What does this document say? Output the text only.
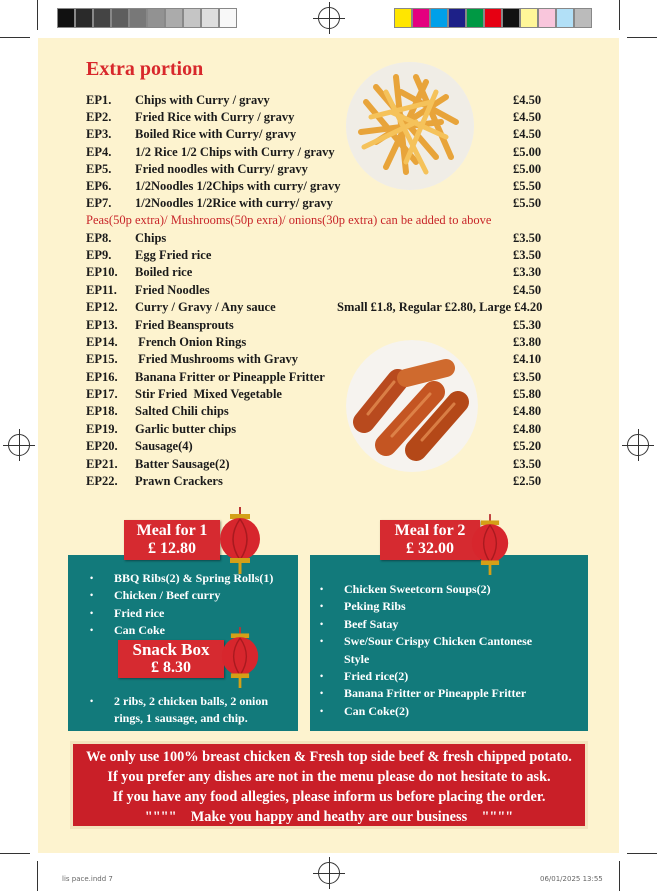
Extra portion
EP1. Chips with Curry / gravy	£4.50
EP2. Fried Rice with Curry / gravy	£4.50
EP3. Boiled Rice with Curry/ gravy	£4.50
EP4. 1/2 Rice 1/2 Chips with Curry / gravy	£5.00
EP5. Fried noodles with Curry/ gravy	£5.00
EP6. 1/2Noodles 1/2Chips with curry/ gravy	£5.50
EP7. 1/2Noodles 1/2Rice with curry/ gravy	£5.50
Peas(50p extra)/ Mushrooms(50p exra)/ onions(30p extra) can be added to above
EP8. Chips	£3.50
EP9. Egg Fried rice	£3.50
EP10. Boiled rice	£3.30
EP11. Fried Noodles	£4.50
EP12. Curry / Gravy / Any sauce	Small £1.8, Regular £2.80, Large £4.20
EP13. Fried Beansprouts	£5.30
EP14. French Onion Rings	£3.80
EP15. Fried Mushrooms with Gravy	£4.10
EP16. Banana Fritter or Pineapple Fritter	£3.50
EP17. Stir Fried  Mixed Vegetable	£5.80
EP18. Salted Chili chips	£4.80
EP19. Garlic butter chips	£4.80
EP20. Sausage(4)	£5.20
EP21. Batter Sausage(2)	£3.50
EP22. Prawn Crackers	£2.50
• BBQ Ribs(2) & Spring Rolls(1)
• Chicken / Beef curry
• Fried rice
• Can Coke
• 2 ribs, 2 chicken balls, 2 onion
rings, 1 sausage, and chip.
• Chicken Sweetcorn Soups(2)
• Peking Ribs
• Beef Satay
• Swe/Sour Crispy Chicken Cantonese
Style
• Fried rice(2)
• Banana Fritter or Pineapple Fritter
• Can Coke(2)
Meal for 1
£ 12.80
Meal for 2
£ 32.00
Snack Box
£ 8.30
We only use 100% breast chicken & Fresh top side beef & fresh chipped potato.
If you prefer any dishes are not in the menu please do not hesitate to ask.
If you have any food allegies, please inform us before placing the order.
""""    Make you happy and heathy are our business    """"
lis pace.indd 7	06/01/2025 13:55
